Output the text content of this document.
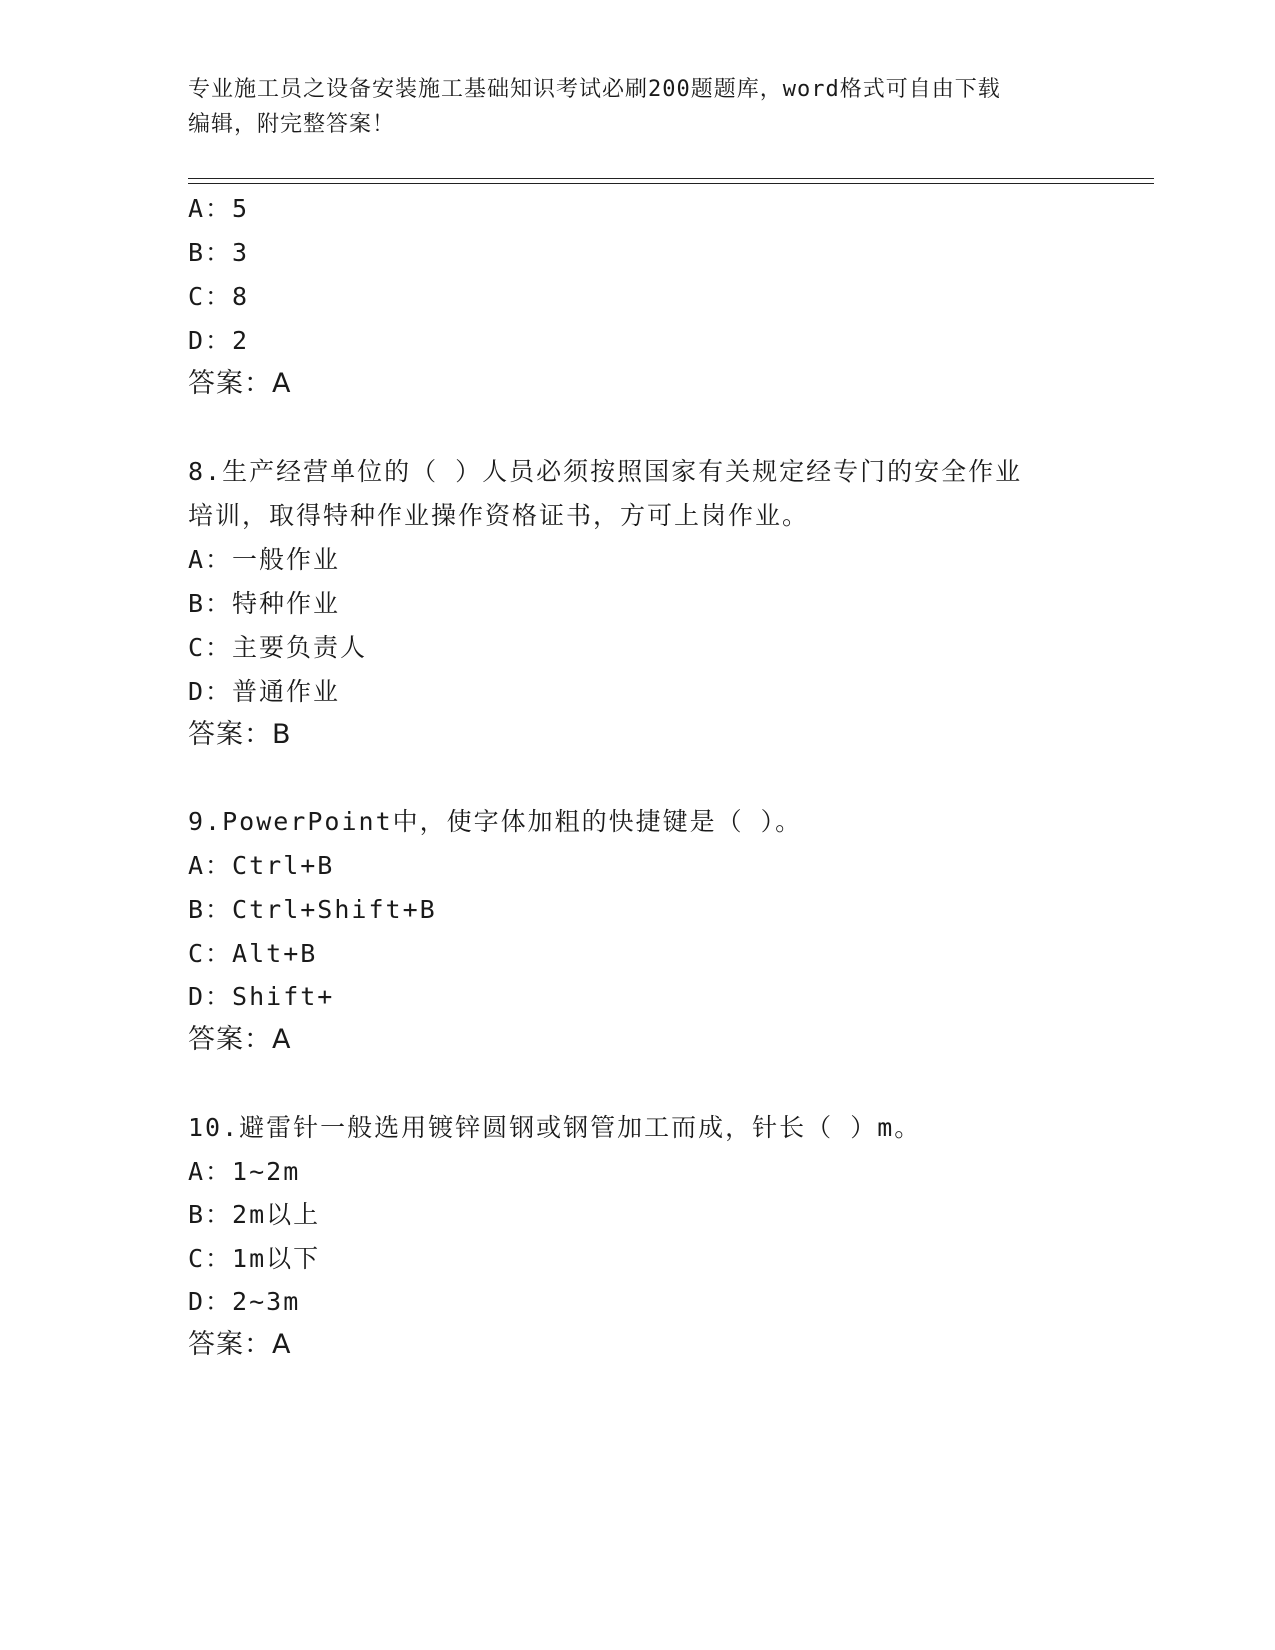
专业施工员之设备安装施工基础知识考试必刷200题题库，word格式可自由下载
编辑，附完整答案！
A：5
B：3
C：8
D：2
答案：A
8.生产经营单位的（ ）人员必须按照国家有关规定经专门的安全作业
培训，取得特种作业操作资格证书，方可上岗作业。
A：一般作业
B：特种作业
C：主要负责人
D：普通作业
答案：B
9.PowerPoint中，使字体加粗的快捷键是（ ）。
A：Ctrl+B
B：Ctrl+Shift+B
C：Alt+B
D：Shift+
答案：A
10.避雷针一般选用镀锌圆钢或钢管加工而成，针长（ ）m。
A：1~2m
B：2m以上
C：1m以下
D：2~3m
答案：A
